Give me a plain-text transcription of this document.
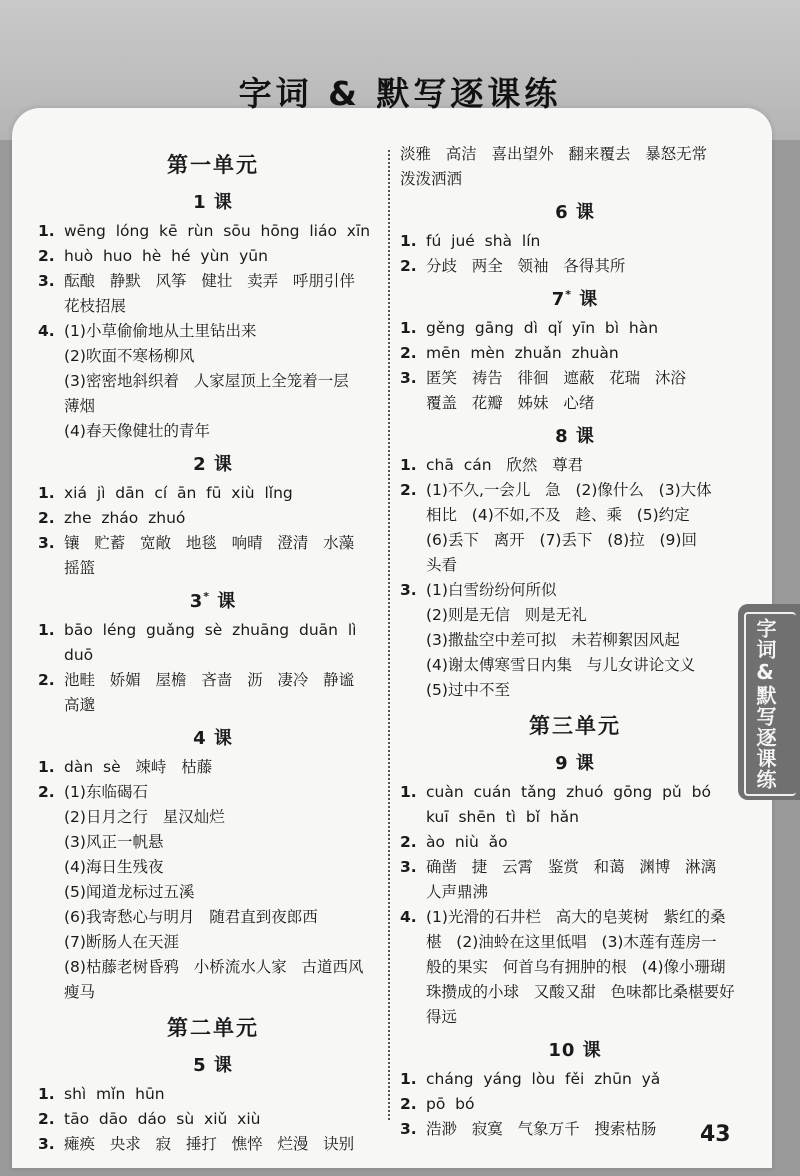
字词 & 默写逐课练
第一单元
1 课
1. wēng  lóng  kē  rùn  sōu  hōng  liáo  xīn
2. huò  huo  hè  hé  yùn  yūn
3. 酝酿   静默   风筝   健壮   卖弄   呼朋引伴
花枝招展
4. (1)小草偷偷地从土里钻出来
(2)吹面不寒杨柳风
(3)密密地斜织着   人家屋顶上全笼着一层
薄烟
(4)春天像健壮的青年
2 课
1. xiá  jì  dān  cí  ān  fū  xiù  lǐng
2. zhe  zháo  zhuó
3. 镶   贮蓄   宽敞   地毯   响晴   澄清   水藻
摇篮
3* 课
1. bāo  léng  guǎng  sè  zhuāng  duān  lì
duō
2. 池畦   娇媚   屋檐   吝啬   沥   凄冷   静谧
高邈
4 课
1. dàn  sè   竦峙   枯藤
2. (1)东临碣石
(2)日月之行   星汉灿烂
(3)风正一帆悬
(4)海日生残夜
(5)闻道龙标过五溪
(6)我寄愁心与明月   随君直到夜郎西
(7)断肠人在天涯
(8)枯藤老树昏鸦   小桥流水人家   古道西风
瘦马
第二单元
5 课
1. shì  mǐn  hūn
2. tāo  dāo  dáo  sù  xiǔ  xiù
3. 瘫痪   央求   寂   捶打   憔悴   烂漫   诀别
淡雅   高洁   喜出望外   翻来覆去   暴怒无常
泼泼洒洒
6 课
1. fú  jué  shà  lín
2. 分歧   两全   领袖   各得其所
7* 课
1. gěng  gāng  dì  qǐ  yīn  bì  hàn
2. mēn  mèn  zhuǎn  zhuàn
3. 匿笑   祷告   徘徊   遮蔽   花瑞   沐浴
覆盖   花瓣   姊妹   心绪
8 课
1. chā  cán   欣然   尊君
2. (1)不久,一会儿   急   (2)像什么   (3)大体
相比   (4)不如,不及   趁、乘   (5)约定
(6)丢下   离开   (7)丢下   (8)拉   (9)回
头看
3. (1)白雪纷纷何所似
(2)则是无信   则是无礼
(3)撒盐空中差可拟   未若柳絮因风起
(4)谢太傅寒雪日内集   与儿女讲论文义
(5)过中不至
第三单元
9 课
1. cuàn  cuán  tǎng  zhuó  gōng  pǔ  bó
kuī  shēn  tì  bǐ  hǎn
2. ào  niù  ǎo
3. 确凿   捷   云霄   鉴赏   和蔼   渊博   淋漓
人声鼎沸
4. (1)光滑的石井栏   高大的皂荚树   紫红的桑
椹   (2)油蛉在这里低唱   (3)木莲有莲房一
般的果实   何首乌有拥肿的根   (4)像小珊瑚
珠攒成的小球   又酸又甜   色味都比桑椹要好
得远
10 课
1. cháng  yáng  lòu  fěi  zhūn  yǎ
2. pō  bó
3. 浩渺   寂寞   气象万千   搜索枯肠
字词&默写逐课练
43
